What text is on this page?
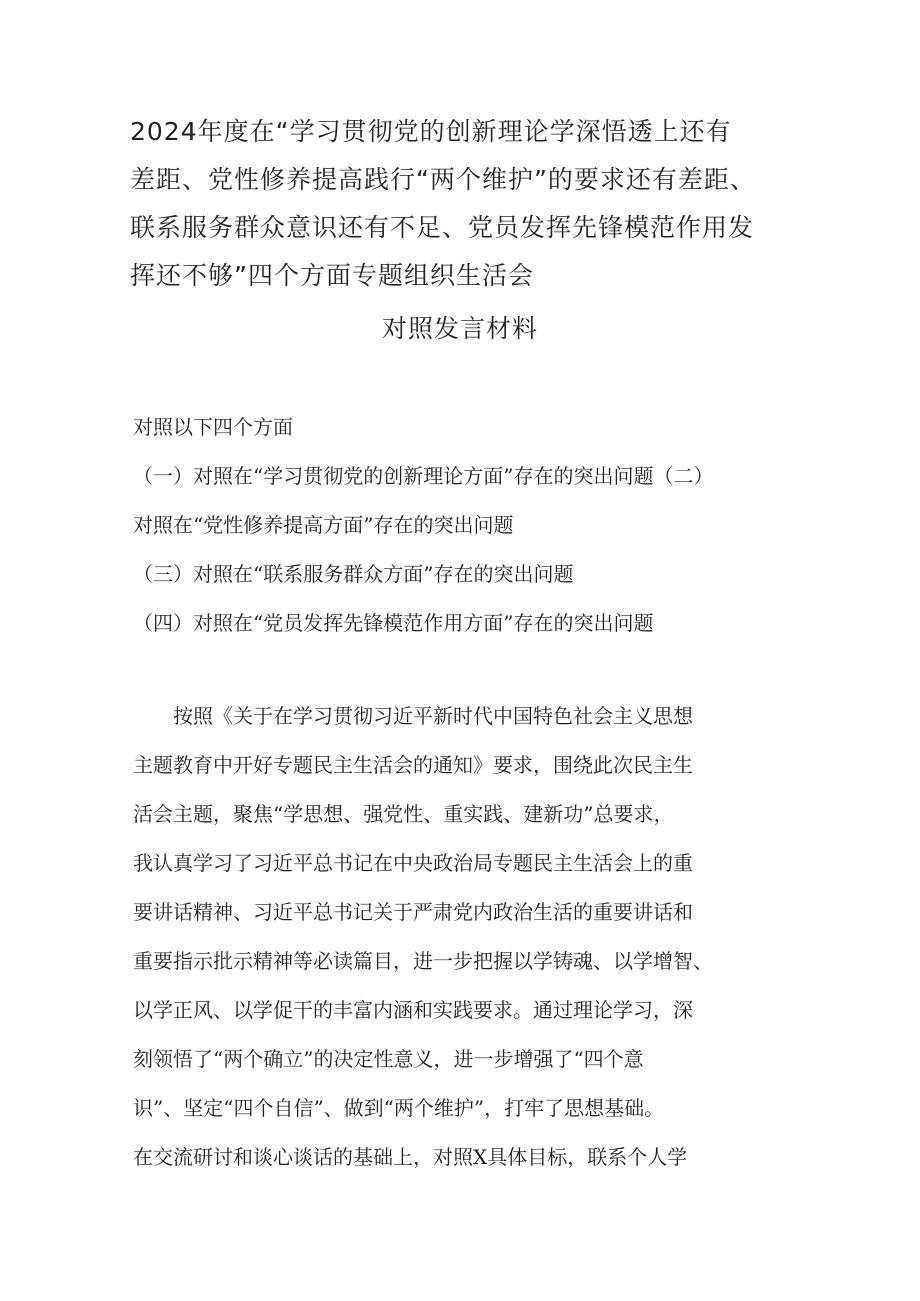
2024年度在“学习贯彻党的创新理论学深悟透上还有
差距、党性修养提高践行“两个维护”的要求还有差距、
联系服务群众意识还有不足、党员发挥先锋模范作用发
挥还不够”四个方面专题组织生活会
对照发言材料
对照以下四个方面
（一）对照在“学习贯彻党的创新理论方面”存在的突出问题（二）
对照在“党性修养提高方面”存在的突出问题
（三）对照在“联系服务群众方面”存在的突出问题
（四）对照在“党员发挥先锋模范作用方面”存在的突出问题
　　按照《关于在学习贯彻习近平新时代中国特色社会主义思想
主题教育中开好专题民主生活会的通知》要求，围绕此次民主生
活会主题，聚焦“学思想、强党性、重实践、建新功”总要求，
我认真学习了习近平总书记在中央政治局专题民主生活会上的重
要讲话精神、习近平总书记关于严肃党内政治生活的重要讲话和
重要指示批示精神等必读篇目，进一步把握以学铸魂、以学增智、
以学正风、以学促干的丰富内涵和实践要求。通过理论学习，深
刻领悟了“两个确立”的决定性意义，进一步增强了“四个意
识”、坚定“四个自信”、做到“两个维护”，打牢了思想基础。
在交流研讨和谈心谈话的基础上，对照X具体目标，联系个人学
